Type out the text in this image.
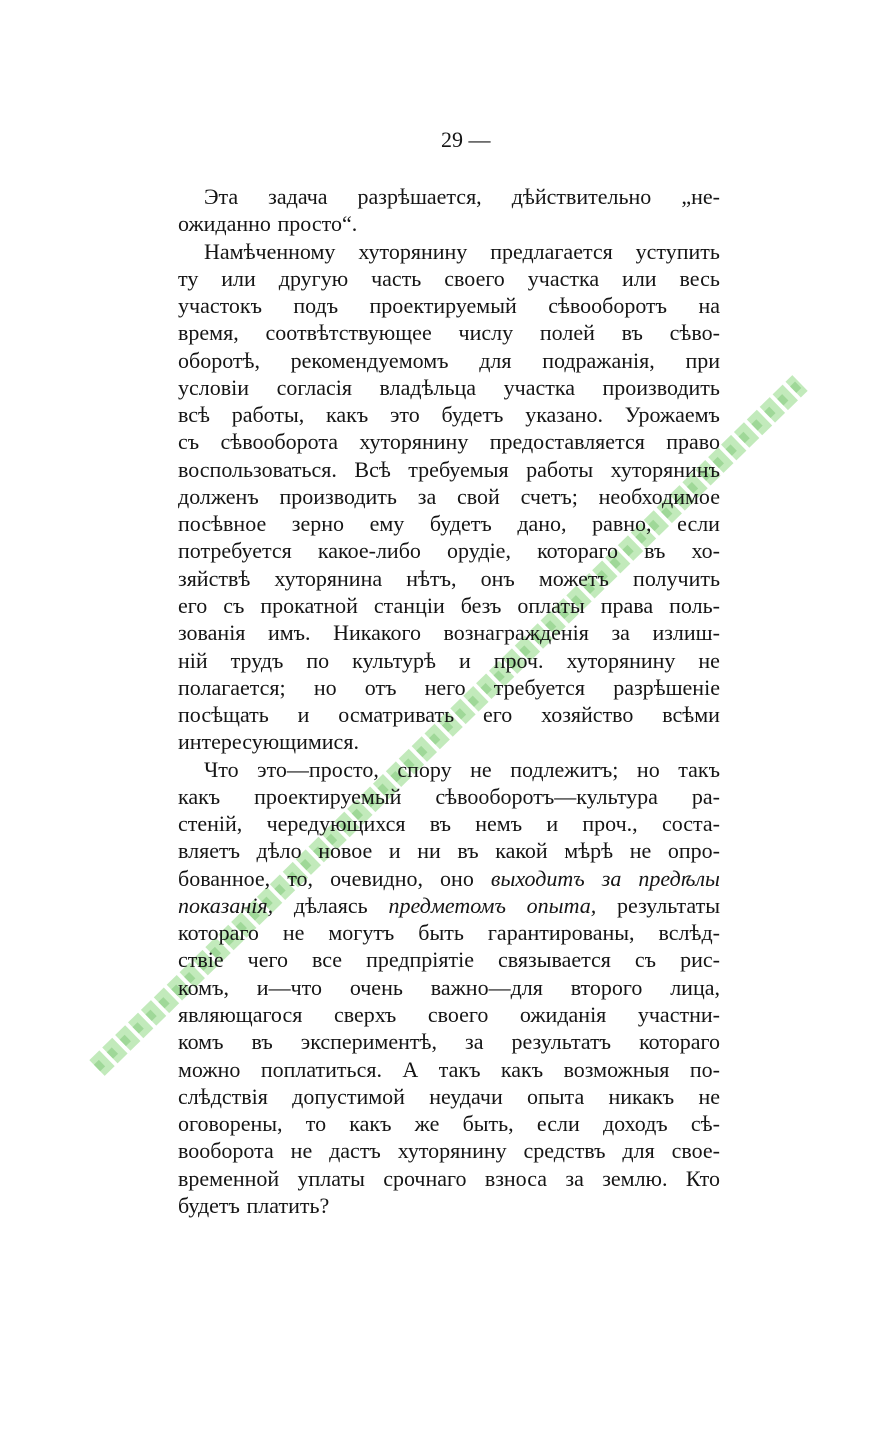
29 —
Эта задача разрѣшается, дѣйствительно „не-
ожиданно просто“.
Намѣченному хуторянину предлагается уступить
ту или другую часть своего участка или весь
участокъ подъ проектируемый сѣвооборотъ на
время, соотвѣтствующее числу полей въ сѣво-
оборотѣ, рекомендуемомъ для подражанія, при
условіи согласія владѣльца участка производить
всѣ работы, какъ это будетъ указано. Урожаемъ
съ сѣвооборота хуторянину предоставляется право
воспользоваться. Всѣ требуемыя работы хуторянинъ
долженъ производить за свой счетъ; необходимое
посѣвное зерно ему будетъ дано, равно, если
потребуется какое-либо орудіе, котораго въ хо-
зяйствѣ хуторянина нѣтъ, онъ можетъ получить
его съ прокатной станціи безъ оплаты права поль-
зованія имъ. Никакого вознагражденія за излиш-
ній трудъ по культурѣ и проч. хуторянину не
полагается; но отъ него требуется разрѣшеніе
посѣщать и осматривать его хозяйство всѣми
интересующимися.
Что это—просто, спору не подлежитъ; но такъ
какъ проектируемый сѣвооборотъ—культура ра-
стеній, чередующихся въ немъ и проч., соста-
вляетъ дѣло новое и ни въ какой мѣрѣ не опро-
бованное, то, очевидно, оно выходитъ за предѣлы
показанія, дѣлаясь предметомъ опыта, результаты
котораго не могутъ быть гарантированы, вслѣд-
ствіе чего все предпріятіе связывается съ рис-
комъ, и—что очень важно—для второго лица,
являющагося сверхъ своего ожиданія участни-
комъ въ экспериментѣ, за результатъ котораго
можно поплатиться. А такъ какъ возможныя по-
слѣдствія допустимой неудачи опыта никакъ не
оговорены, то какъ же быть, если доходъ сѣ-
вооборота не дастъ хуторянину средствъ для свое-
временной уплаты срочнаго взноса за землю. Кто
будетъ платить?
